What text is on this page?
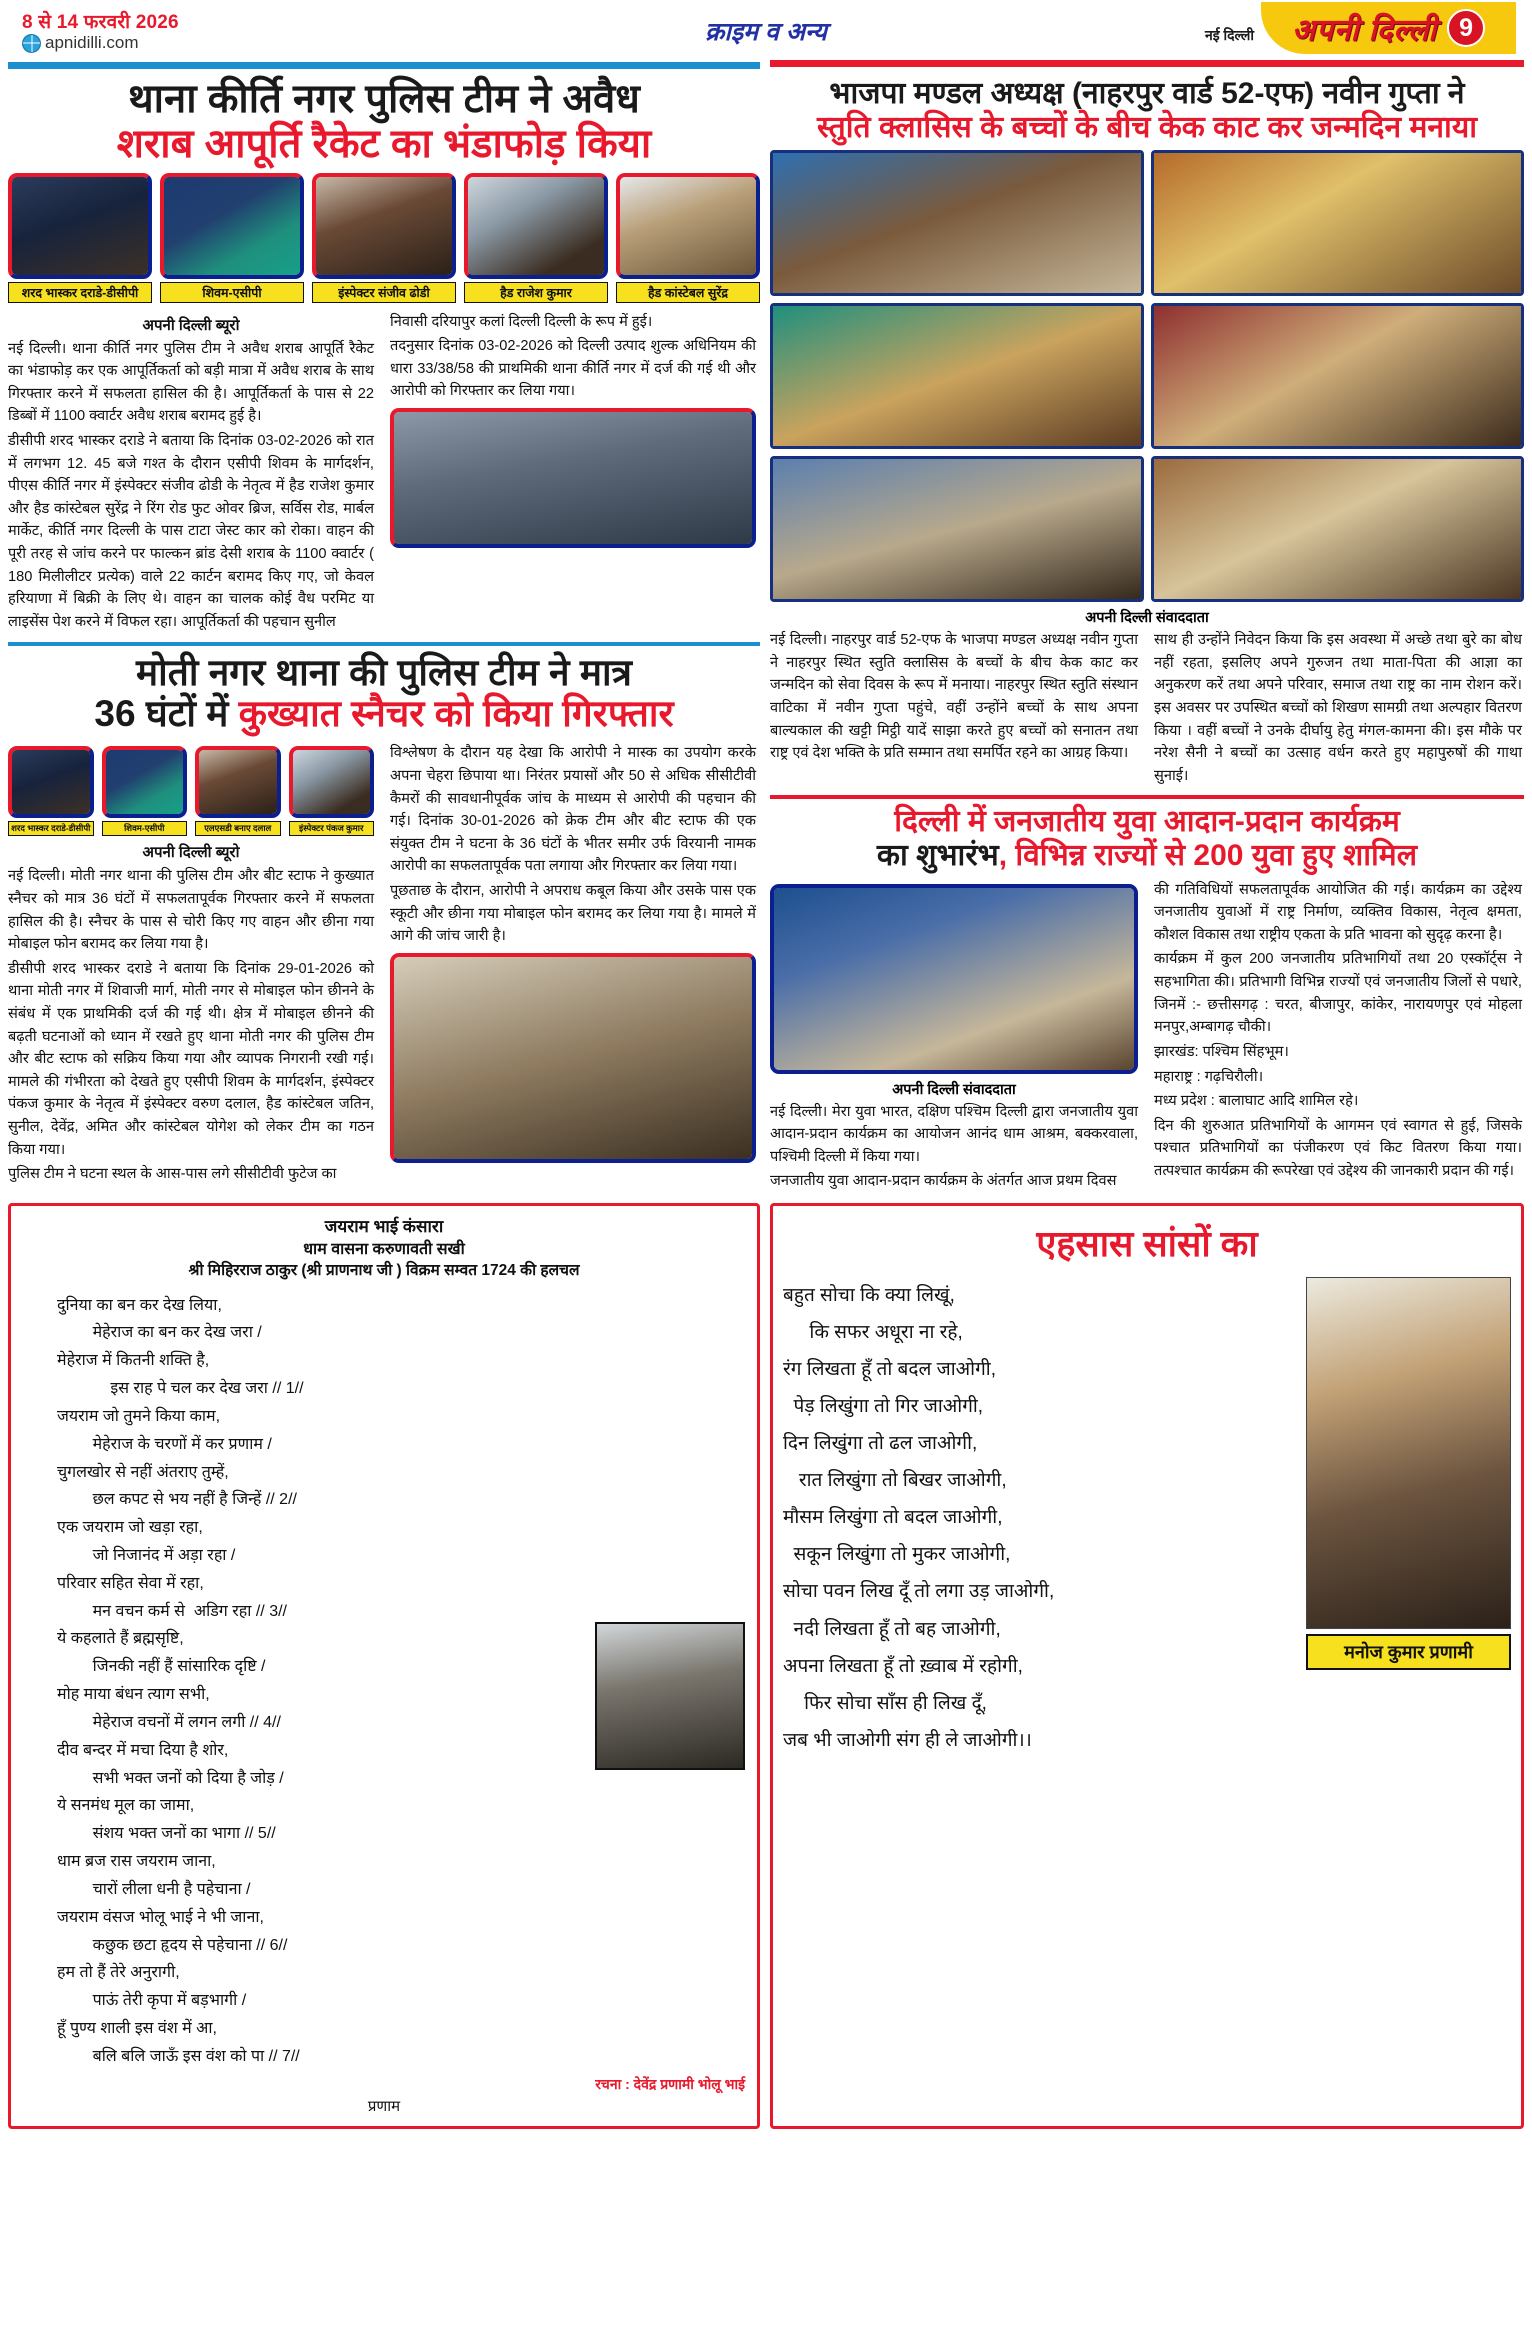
8 से 14 फरवरी 2026
apnidilli.com	क्राइम व अन्य	नई दिल्ली अपनी दिल्ली 9
थाना कीर्ति नगर पुलिस टीम ने अवैध
शराब आपूर्ति रैकेट का भंडाफोड़ किया
शरद भास्कर दराडे-डीसीपी	शिवम-एसीपी	इंस्पेक्टर संजीव ढोडी	हैड राजेश कुमार	हैड कांस्टेबल सुरेंद्र
अपनी दिल्ली ब्यूरो

नई दिल्ली। थाना कीर्ति नगर पुलिस टीम ने अवैध शराब आपूर्ति रैकेट का भंडाफोड़ कर एक आपूर्तिकर्ता को बड़ी मात्रा में अवैध शराब के साथ गिरफ्तार करने में सफलता हासिल की है। आपूर्तिकर्ता के पास से 22 डिब्बों में 1100 क्वार्टर अवैध शराब बरामद हुई है।

डीसीपी शरद भास्कर दराडे ने बताया कि दिनांक 03-02-2026 को रात में लगभग 12. 45 बजे गश्त के दौरान एसीपी शिवम के मार्गदर्शन, पीएस कीर्ति नगर में इंस्पेक्टर संजीव ढोडी के नेतृत्व में हैड राजेश कुमार और हैड कांस्टेबल सुरेंद्र ने रिंग रोड फुट ओवर ब्रिज, सर्विस रोड, मार्बल मार्केट, कीर्ति नगर दिल्ली के पास टाटा जेस्ट कार को रोका। वाहन की पूरी तरह से जांच करने पर फाल्कन ब्रांड देसी शराब के 1100 क्वार्टर ( 180 मिलीलीटर प्रत्येक) वाले 22 कार्टन बरामद किए गए, जो केवल हरियाणा में बिक्री के लिए थे। वाहन का चालक कोई वैध परमिट या लाइसेंस पेश करने में विफल रहा। आपूर्तिकर्ता की पहचान सुनील

निवासी दरियापुर कलां दिल्ली दिल्ली के रूप में हुई।

तदनुसार दिनांक 03-02-2026 को दिल्ली उत्पाद शुल्क अधिनियम की धारा 33/38/58 की प्राथमिकी थाना कीर्ति नगर में दर्ज की गई थी और आरोपी को गिरफ्तार कर लिया गया।

मोती नगर थाना की पुलिस टीम ने मात्र
36 घंटों में कुख्यात स्नैचर को किया गिरफ्तार
शरद भास्कर दराडे-डीसीपी	शिवम-एसीपी	एलएसडी बनाए दलाल	इंस्पेक्टर पंकज कुमार
अपनी दिल्ली ब्यूरो

नई दिल्ली। मोती नगर थाना की पुलिस टीम और बीट स्टाफ ने कुख्यात स्नैचर को मात्र 36 घंटों में सफलतापूर्वक गिरफ्तार करने में सफलता हासिल की है। स्नैचर के पास से चोरी किए गए वाहन और छीना गया मोबाइल फोन बरामद कर लिया गया है।

डीसीपी शरद भास्कर दराडे ने बताया कि दिनांक 29-01-2026 को थाना मोती नगर में शिवाजी मार्ग, मोती नगर से मोबाइल फोन छीनने के संबंध में एक प्राथमिकी दर्ज की गई थी। क्षेत्र में मोबाइल छीनने की बढ़ती घटनाओं को ध्यान में रखते हुए थाना मोती नगर की पुलिस टीम और बीट स्टाफ को सक्रिय किया गया और व्यापक निगरानी रखी गई। मामले की गंभीरता को देखते हुए एसीपी शिवम के मार्गदर्शन, इंस्पेक्टर पंकज कुमार के नेतृत्व में इंस्पेक्टर वरुण दलाल, हैड कांस्टेबल जतिन, सुनील, देवेंद्र, अमित और कांस्टेबल योगेश को लेकर टीम का गठन किया गया।

पुलिस टीम ने घटना स्थल के आस-पास लगे सीसीटीवी फुटेज का

विश्लेषण के दौरान यह देखा कि आरोपी ने मास्क का उपयोग करके अपना चेहरा छिपाया था। निरंतर प्रयासों और 50 से अधिक सीसीटीवी कैमरों की सावधानीपूर्वक जांच के माध्यम से आरोपी की पहचान की गई। दिनांक 30-01-2026 को क्रेक टीम और बीट स्टाफ की एक संयुक्त टीम ने घटना के 36 घंटों के भीतर समीर उर्फ विरयानी नामक आरोपी का सफलतापूर्वक पता लगाया और गिरफ्तार कर लिया गया।

पूछताछ के दौरान, आरोपी ने अपराध कबूल किया और उसके पास एक स्कूटी और छीना गया मोबाइल फोन बरामद कर लिया गया है। मामले में आगे की जांच जारी है।

भाजपा मण्डल अध्यक्ष (नाहरपुर वार्ड 52-एफ) नवीन गुप्ता ने
स्तुति क्लासिस के बच्चों के बीच केक काट कर जन्मदिन मनाया
अपनी दिल्ली संवाददाता

नई दिल्ली। नाहरपुर वार्ड 52-एफ के भाजपा मण्डल अध्यक्ष नवीन गुप्ता ने नाहरपुर स्थित स्तुति क्लासिस के बच्चों के बीच केक काट कर जन्मदिन को सेवा दिवस के रूप में मनाया। नाहरपुर स्थित स्तुति संस्थान वाटिका में नवीन गुप्ता पहुंचे, वहीं उन्होंने बच्चों के साथ अपना बाल्यकाल की खट्टी मिट्ठी यादें साझा करते हुए बच्चों को सनातन तथा राष्ट्र एवं देश भक्ति के प्रति सम्मान तथा समर्पित रहने का आग्रह किया।

साथ ही उन्होंने निवेदन किया कि इस अवस्था में अच्छे तथा बुरे का बोध नहीं रहता, इसलिए अपने गुरुजन तथा माता-पिता की आज्ञा का अनुकरण करें तथा अपने परिवार, समाज तथा राष्ट्र का नाम रोशन करें। इस अवसर पर उपस्थित बच्चों को शिखण सामग्री तथा अल्पहार वितरण किया । वहीं बच्चों ने उनके दीर्घायु हेतु मंगल-कामना की। इस मौके पर नरेश सैनी ने बच्चों का उत्साह वर्धन करते हुए महापुरुषों की गाथा सुनाई।

दिल्ली में जनजातीय युवा आदान-प्रदान कार्यक्रम
का शुभारंभ, विभिन्न राज्यों से 200 युवा हुए शामिल
अपनी दिल्ली संवाददाता

नई दिल्ली। मेरा युवा भारत, दक्षिण पश्चिम दिल्ली द्वारा जनजातीय युवा आदान-प्रदान कार्यक्रम का आयोजन आनंद धाम आश्रम, बक्करवाला, पश्चिमी दिल्ली में किया गया।

जनजातीय युवा आदान-प्रदान कार्यक्रम के अंतर्गत आज प्रथम दिवस

की गतिविधियों सफलतापूर्वक आयोजित की गई। कार्यक्रम का उद्देश्य जनजातीय युवाओं में राष्ट्र निर्माण, व्यक्तिव विकास, नेतृत्व क्षमता, कौशल विकास तथा राष्ट्रीय एकता के प्रति भावना को सुदृढ़ करना है।

कार्यक्रम में कुल 200 जनजातीय प्रतिभागियों तथा 20 एस्कॉर्ट्स ने सहभागिता की। प्रतिभागी विभिन्न राज्यों एवं जनजातीय जिलों से पधारे, जिनमें :- छत्तीसगढ़ : चरत, बीजापुर, कांकेर, नारायणपुर एवं मोहला मनपुर,अम्बागढ़ चौकी।

झारखंड: पश्चिम सिंहभूम।

महाराष्ट्र : गढ़चिरौली।

मध्य प्रदेश : बालाघाट आदि शामिल रहे।

दिन की शुरुआत प्रतिभागियों के आगमन एवं स्वागत से हुई, जिसके पश्चात प्रतिभागियों का पंजीकरण एवं किट वितरण किया गया। तत्पश्चात कार्यक्रम की रूपरेखा एवं उद्देश्य की जानकारी प्रदान की गई।

जयराम भाई कंसारा
धाम वासना करुणावती सखी
श्री मिहिरराज ठाकुर (श्री प्राणनाथ जी ) विक्रम सम्वत 1724 की हलचल
दुनिया का बन कर देख लिया,
मेहेराज का बन कर देख जरा /
मेहेराज में कितनी शक्ति है,
इस राह पे चल कर देख जरा // 1//
जयराम जो तुमने किया काम,
मेहेराज के चरणों में कर प्रणाम /
चुगलखोर से नहीं अंतराए तुम्हें,
छल कपट से भय नहीं है जिन्हें // 2//
एक जयराम जो खड़ा रहा,
जो निजानंद में अड़ा रहा /
परिवार सहित सेवा में रहा,
मन वचन कर्म से  अडिग रहा // 3//
ये कहलाते हैं ब्रह्मसृष्टि,
जिनकी नहीं हैं सांसारिक दृष्टि /
मोह माया बंधन त्याग सभी,
मेहेराज वचनों में लगन लगी // 4//
दीव बन्दर में मचा दिया है शोर,
सभी भक्त जनों को दिया है जोड़ /
ये सनमंध मूल का जामा,
संशय भक्त जनों का भागा // 5//
धाम ब्रज रास जयराम जाना,
चारों लीला धनी है पहेचाना /
जयराम वंसज भोलू भाई ने भी जाना,
कछुक छटा हृदय से पहेचाना // 6//
हम तो हैं तेरे अनुरागी,
पाऊं तेरी कृपा में बड़भागी /
हूँ पुण्य शाली इस वंश में आ,
बलि बलि जाऊँ इस वंश को पा // 7//
रचना : देवेंद्र प्रणामी भोलू भाई
प्रणाम
एहसास सांसों का
बहुत सोचा कि क्या लिखूं,
कि सफर अधूरा ना रहे,
रंग लिखता हूँ तो बदल जाओगी,
पेड़ लिखुंगा तो गिर जाओगी,
दिन लिखुंगा तो ढल जाओगी,
रात लिखुंगा तो बिखर जाओगी,
मौसम लिखुंगा तो बदल जाओगी,
सकून लिखुंगा तो मुकर जाओगी,
सोचा पवन लिख दूँ तो लगा उड़ जाओगी,
नदी लिखता हूँ तो बह जाओगी,
अपना लिखता हूँ तो ख़्वाब में रहोगी,
फिर सोचा साँस ही लिख दूँ,
जब भी जाओगी संग ही ले जाओगी।।
मनोज कुमार प्रणामी
